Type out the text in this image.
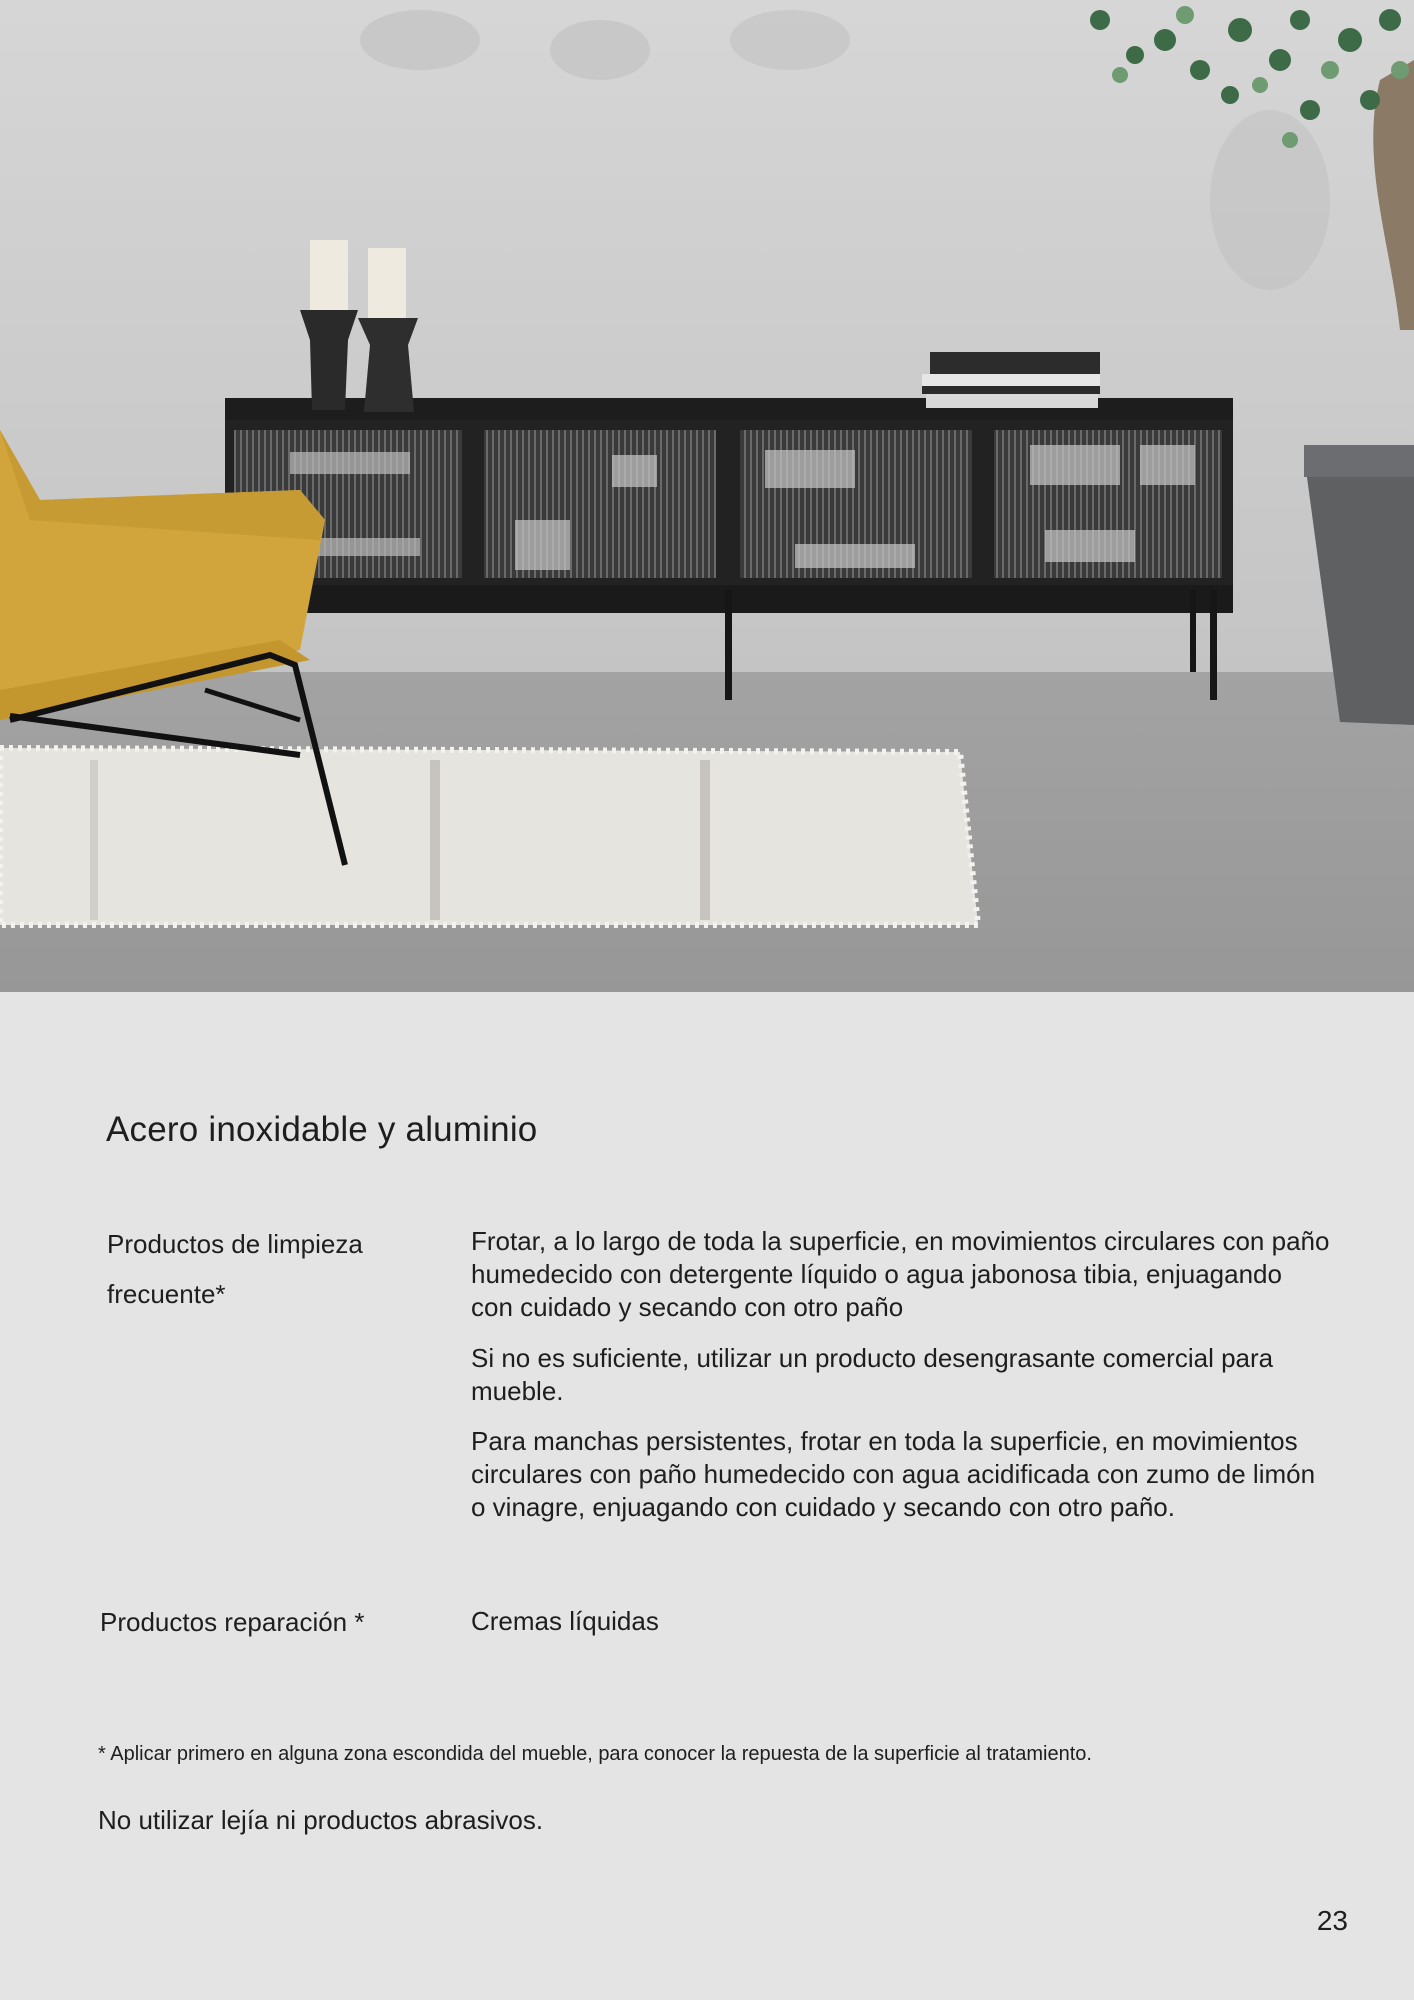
Acero inoxidable y aluminio
Productos de limpieza frecuente*

Frotar, a lo largo de toda la superficie, en movimientos circulares con paño humedecido con detergente líquido o agua jabonosa tibia, enjuagando con cuidado y secando con otro paño

Si no es suficiente, utilizar un producto desengrasante comercial para mueble.

Para manchas persistentes, frotar en toda la superficie, en movimientos circulares con paño humedecido con agua acidificada con zumo de limón o vinagre, enjuagando con cuidado y secando con otro paño.

Productos reparación *	Cremas líquidas

* Aplicar primero en alguna zona escondida del mueble, para conocer la repuesta de la superficie al tratamiento.

No utilizar lejía ni productos abrasivos.

23
